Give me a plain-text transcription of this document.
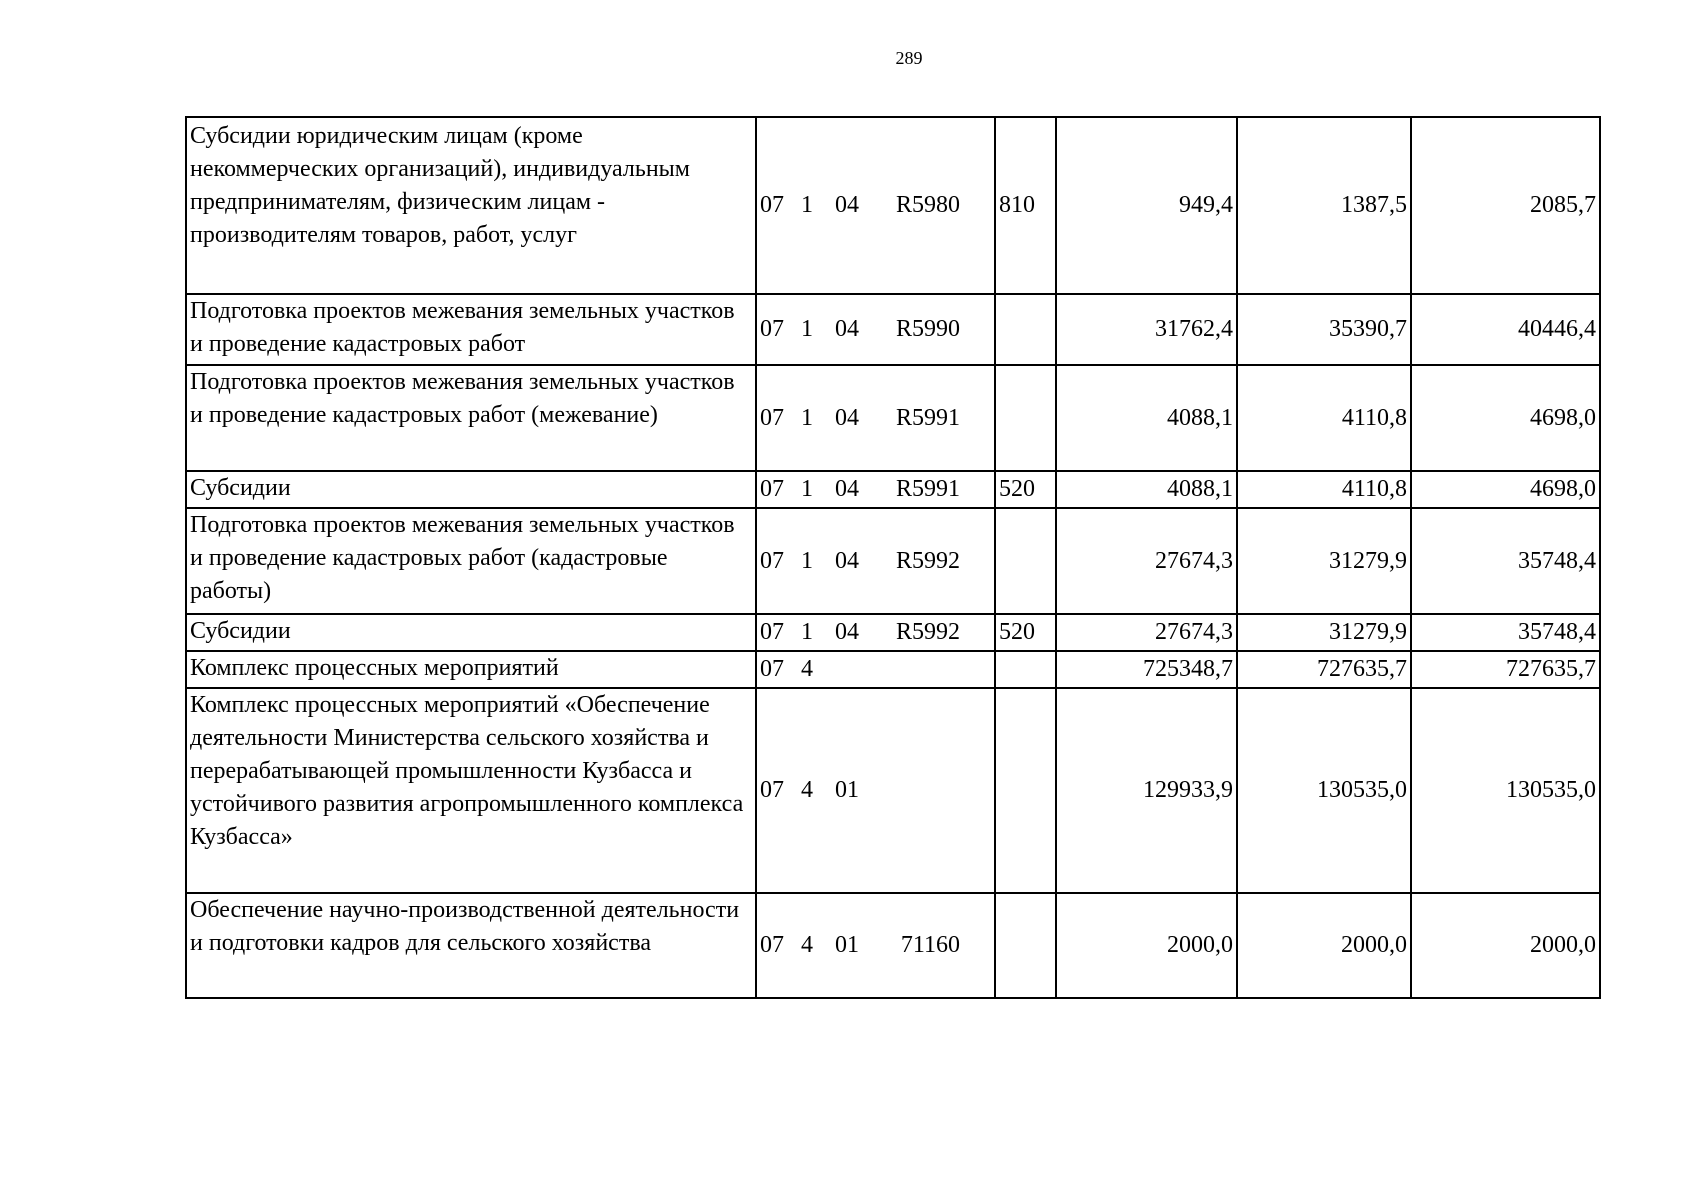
289
Субсидии юридическим лицам (кроме некоммерческих организаций), индивидуальным предпринимателям, физическим лицам - производителям товаров, работ, услуг	07 1 04 R5980	810	949,4	1387,5	2085,7
Подготовка проектов межевания земельных участков и проведение кадастровых работ	07 1 04 R5990		31762,4	35390,7	40446,4
Подготовка проектов межевания земельных участков и проведение кадастровых работ (межевание)	07 1 04 R5991		4088,1	4110,8	4698,0
Субсидии	07 1 04 R5991	520	4088,1	4110,8	4698,0
Подготовка проектов межевания земельных участков и проведение кадастровых работ (кадастровые работы)	07 1 04 R5992		27674,3	31279,9	35748,4
Субсидии	07 1 04 R5992	520	27674,3	31279,9	35748,4
Комплекс процессных мероприятий	07 4		725348,7	727635,7	727635,7
Комплекс процессных мероприятий «Обеспечение деятельности Министерства сельского хозяйства и перерабатывающей промышленности Кузбасса и устойчивого развития агропромышленного комплекса Кузбасса»	07 4 01		129933,9	130535,0	130535,0
Обеспечение научно-производственной деятельности и подготовки кадров для сельского хозяйства	07 4 01 71160		2000,0	2000,0	2000,0
